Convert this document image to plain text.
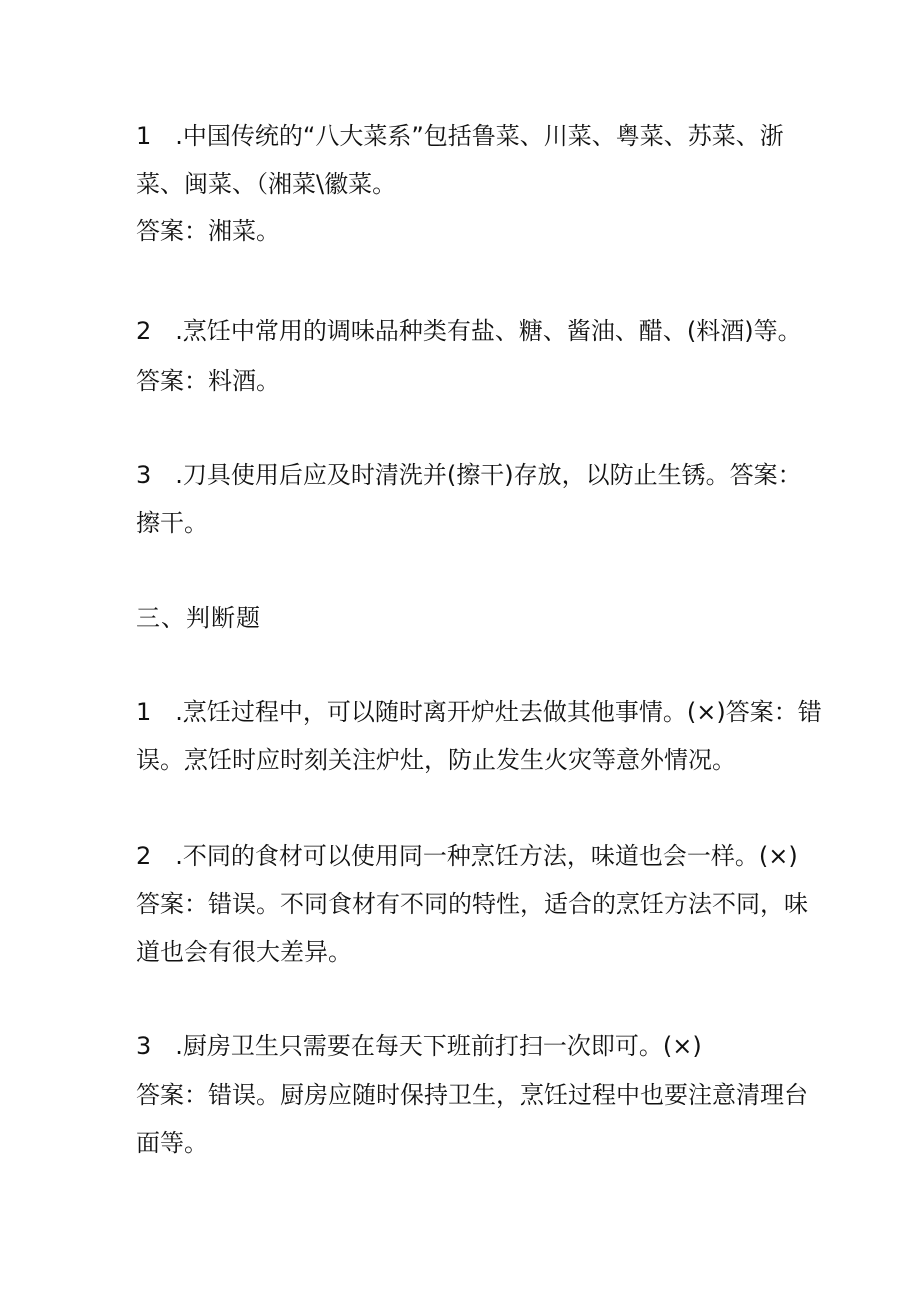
1　.中国传统的“八大菜系”包括鲁菜、川菜、粤菜、苏菜、浙
菜、闽菜、（湘菜\徽菜。
答案：湘菜。
2　.烹饪中常用的调味品种类有盐、糖、酱油、醋、(料酒)等。
答案：料酒。
3　.刀具使用后应及时清洗并(擦干)存放，以防止生锈。答案：
擦干。
三、判断题
1　.烹饪过程中，可以随时离开炉灶去做其他事情。(×)答案：错
误。烹饪时应时刻关注炉灶，防止发生火灾等意外情况。
2　.不同的食材可以使用同一种烹饪方法，味道也会一样。(×)
答案：错误。不同食材有不同的特性，适合的烹饪方法不同，味
道也会有很大差异。
3　.厨房卫生只需要在每天下班前打扫一次即可。(×)
答案：错误。厨房应随时保持卫生，烹饪过程中也要注意清理台
面等。
